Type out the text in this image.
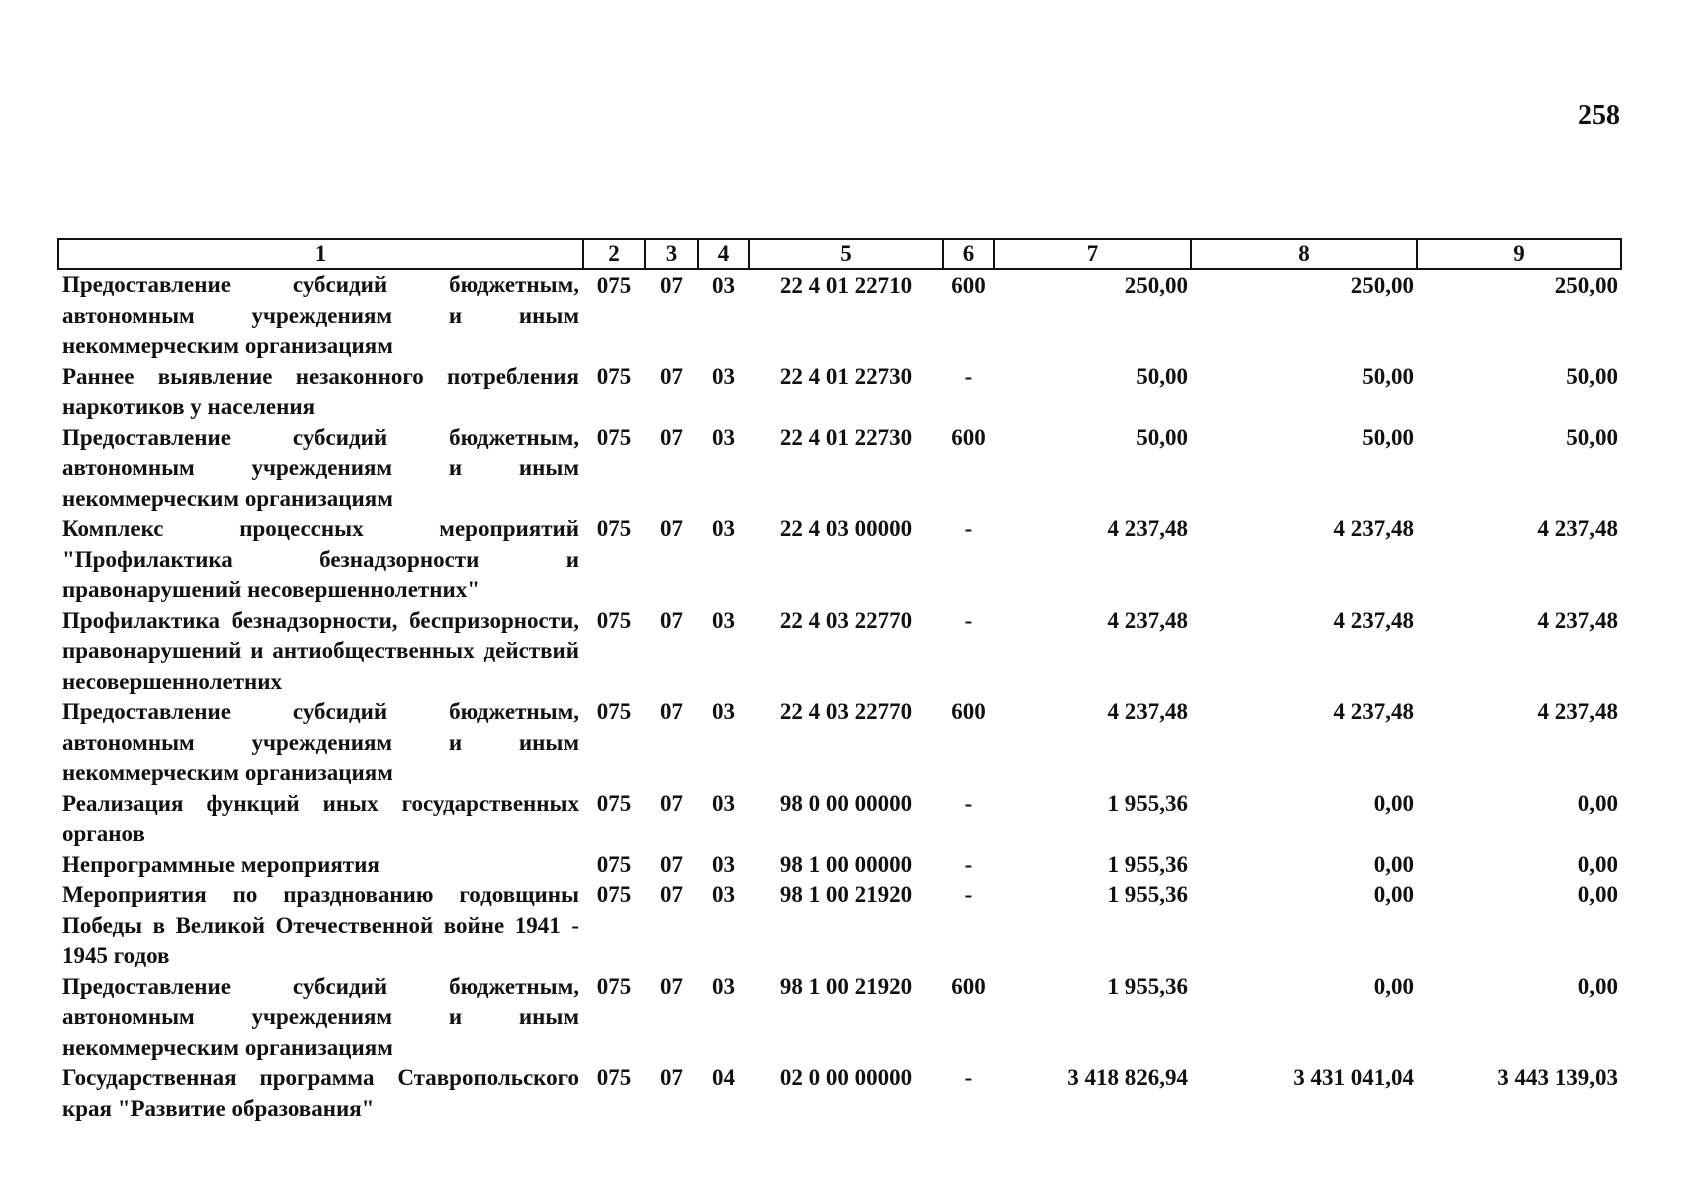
258
1	2	3	4	5	6	7	8	9
Предоставление субсидий бюджетным, автономным учреждениям и иным некоммерческим организациям	075	07	03	22 4 01 22710	600	250,00	250,00	250,00
Раннее выявление незаконного потребления наркотиков у населения	075	07	03	22 4 01 22730	-	50,00	50,00	50,00
Предоставление субсидий бюджетным, автономным учреждениям и иным некоммерческим организациям	075	07	03	22 4 01 22730	600	50,00	50,00	50,00
Комплекс процессных мероприятий "Профилактика безнадзорности и правонарушений несовершеннолетних"	075	07	03	22 4 03 00000	-	4 237,48	4 237,48	4 237,48
Профилактика безнадзорности, беспризорности, правонарушений и антиобщественных действий несовершеннолетних	075	07	03	22 4 03 22770	-	4 237,48	4 237,48	4 237,48
Предоставление субсидий бюджетным, автономным учреждениям и иным некоммерческим организациям	075	07	03	22 4 03 22770	600	4 237,48	4 237,48	4 237,48
Реализация функций иных государственных органов	075	07	03	98 0 00 00000	-	1 955,36	0,00	0,00
Непрограммные мероприятия	075	07	03	98 1 00 00000	-	1 955,36	0,00	0,00
Мероприятия по празднованию годовщины Победы в Великой Отечественной войне 1941 - 1945 годов	075	07	03	98 1 00 21920	-	1 955,36	0,00	0,00
Предоставление субсидий бюджетным, автономным учреждениям и иным некоммерческим организациям	075	07	03	98 1 00 21920	600	1 955,36	0,00	0,00
Государственная программа Ставропольского края "Развитие образования"	075	07	04	02 0 00 00000	-	3 418 826,94	3 431 041,04	3 443 139,03
